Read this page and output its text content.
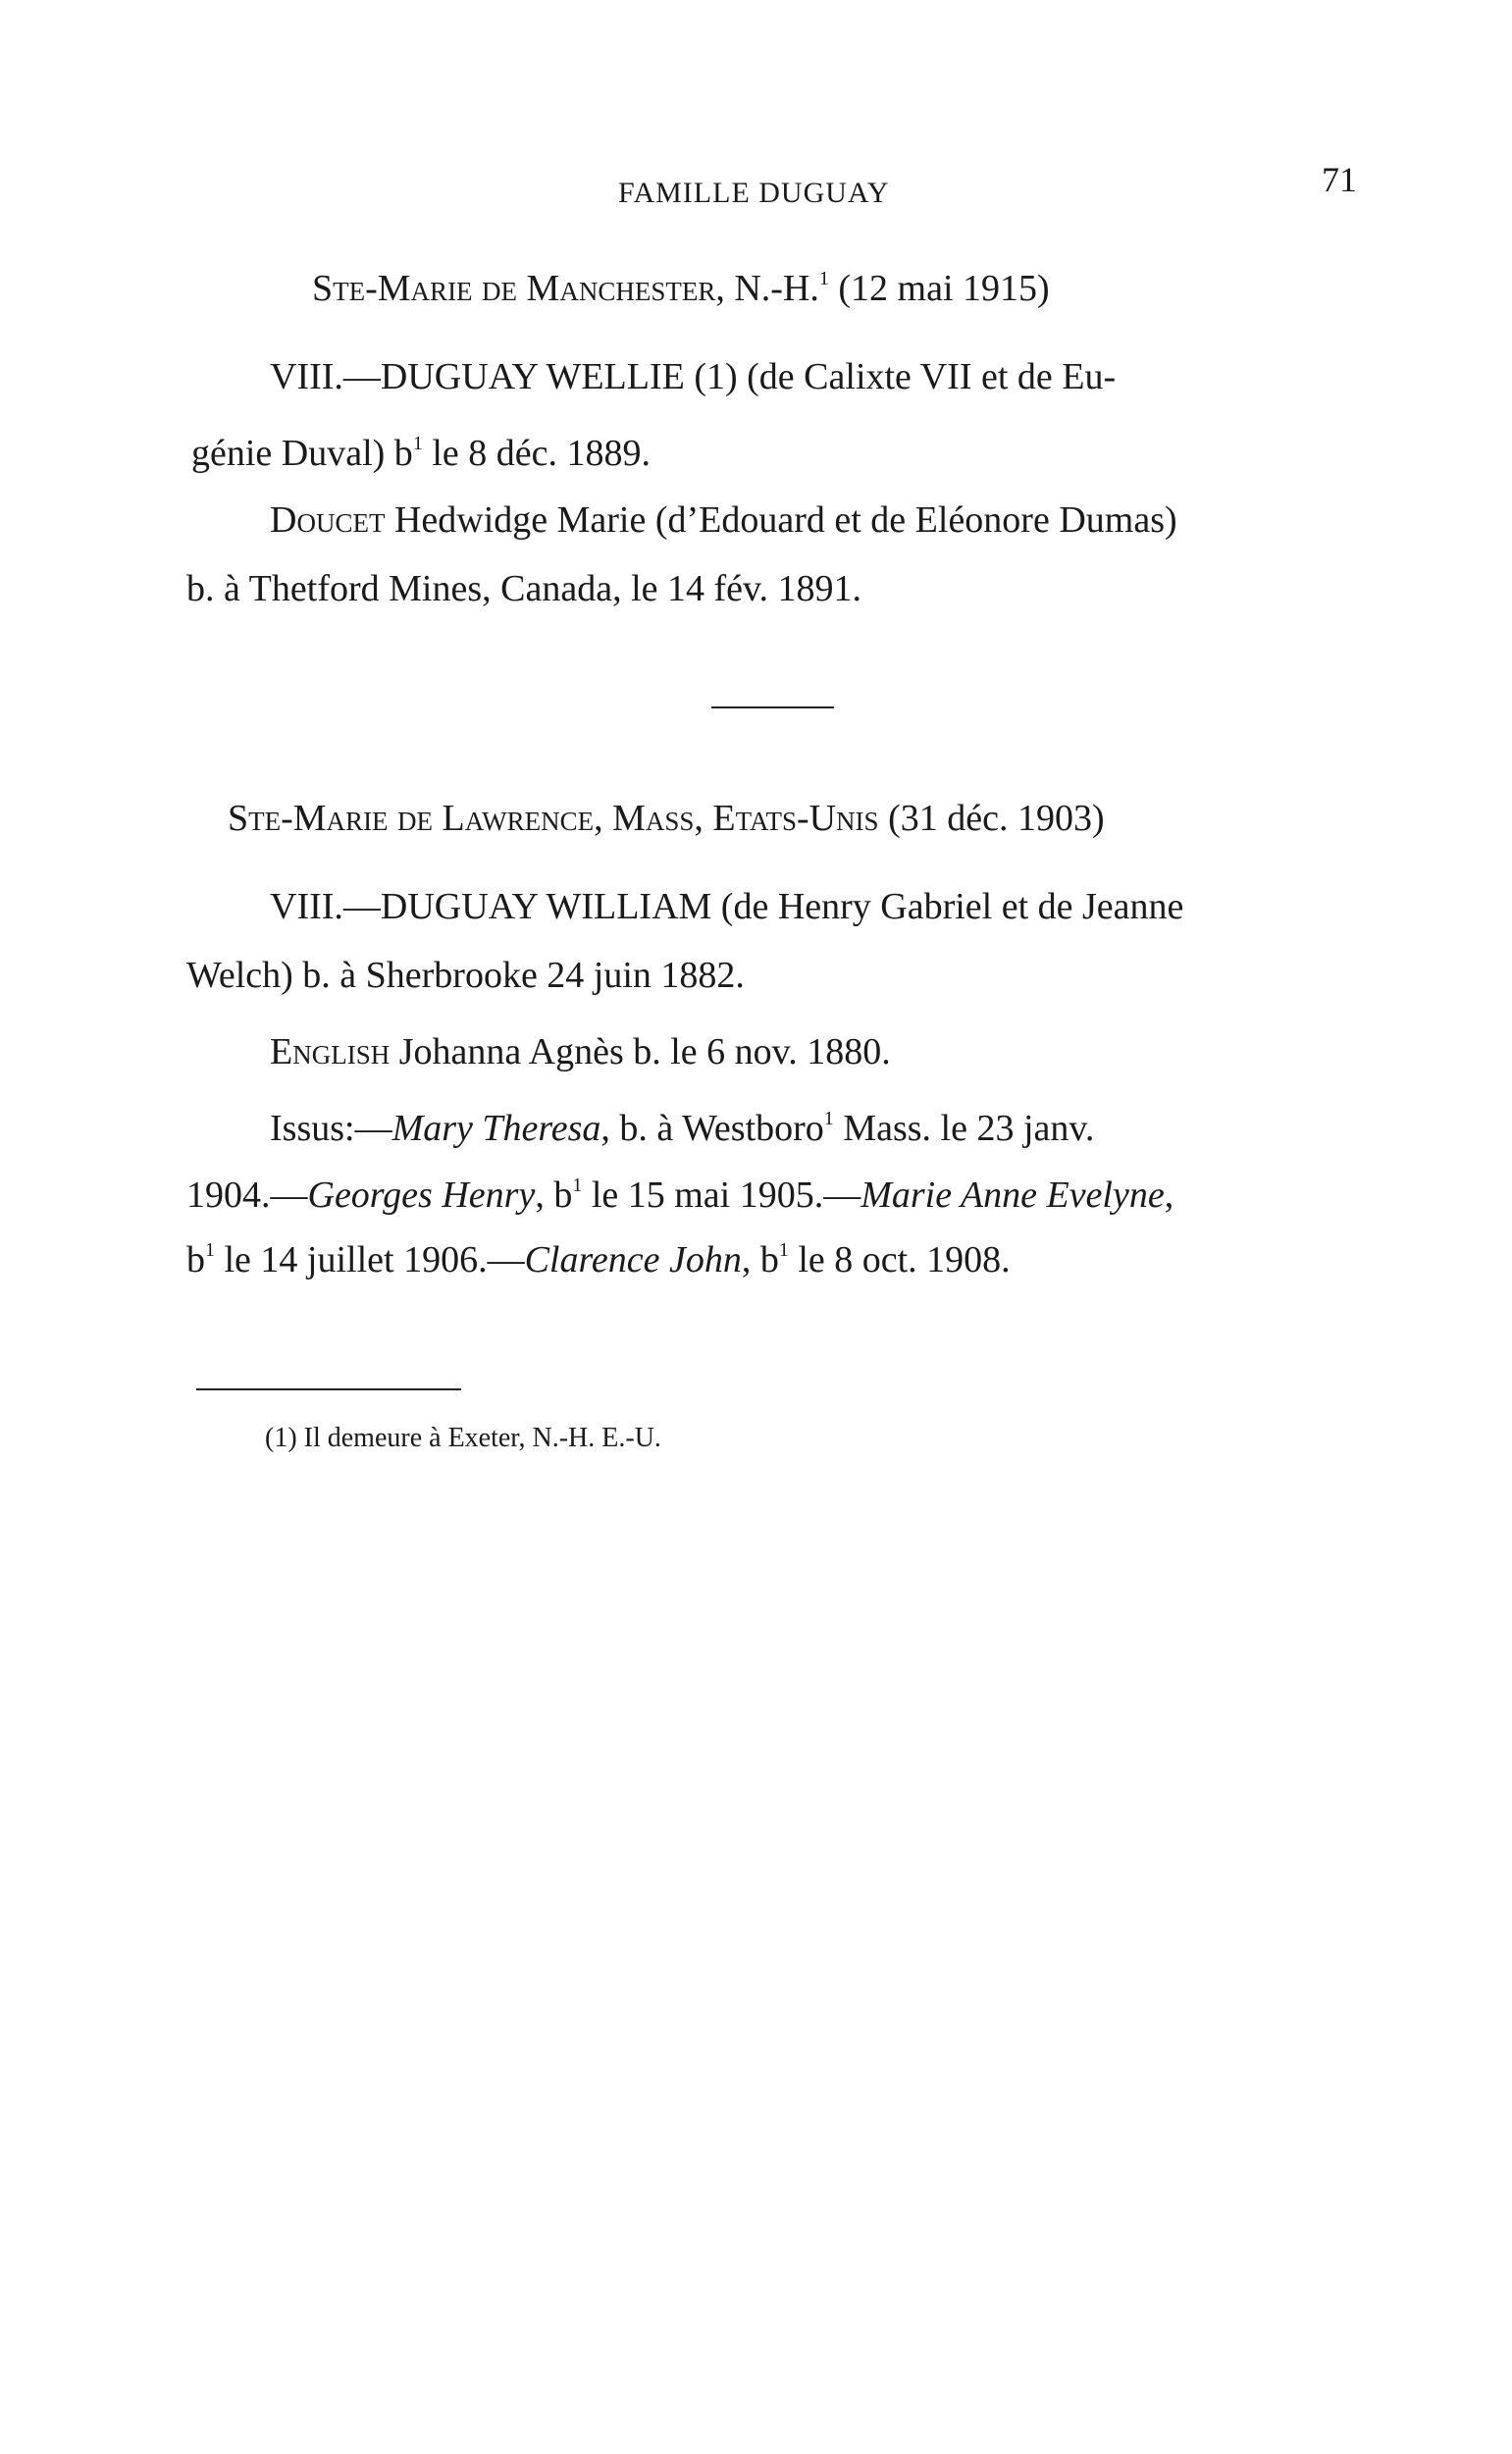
FAMILLE DUGUAY	71
Ste-Marie de Manchester, N.-H.$^1$ (12 mai 1915)
VIII.—DUGUAY WELLIE (1) (de Calixte VII et de Eu-
génie Duval) $b^1$ le 8 déc. 1889.
Doucet Hedwidge Marie (d’Edouard et de Eléonore Dumas)
b. à Thetford Mines, Canada, le 14 fév. 1891.
Ste-Marie de Lawrence, Mass, Etats-Unis (31 déc. 1903)
VIII.—DUGUAY WILLIAM (de Henry Gabriel et de Jeanne
Welch) b. à Sherbrooke 24 juin 1882.
English Johanna Agnès b. le 6 nov. 1880.
Issus:—Mary Theresa, b. à Westboro$^1$ Mass. le 23 janv.
1904.—Georges Henry, $b^1$ le 15 mai 1905.—Marie Anne Evelyne,
$b^1$ le 14 juillet 1906.—Clarence John, $b^1$ le 8 oct. 1908.
(1) Il demeure à Exeter, N.-H. E.-U.
